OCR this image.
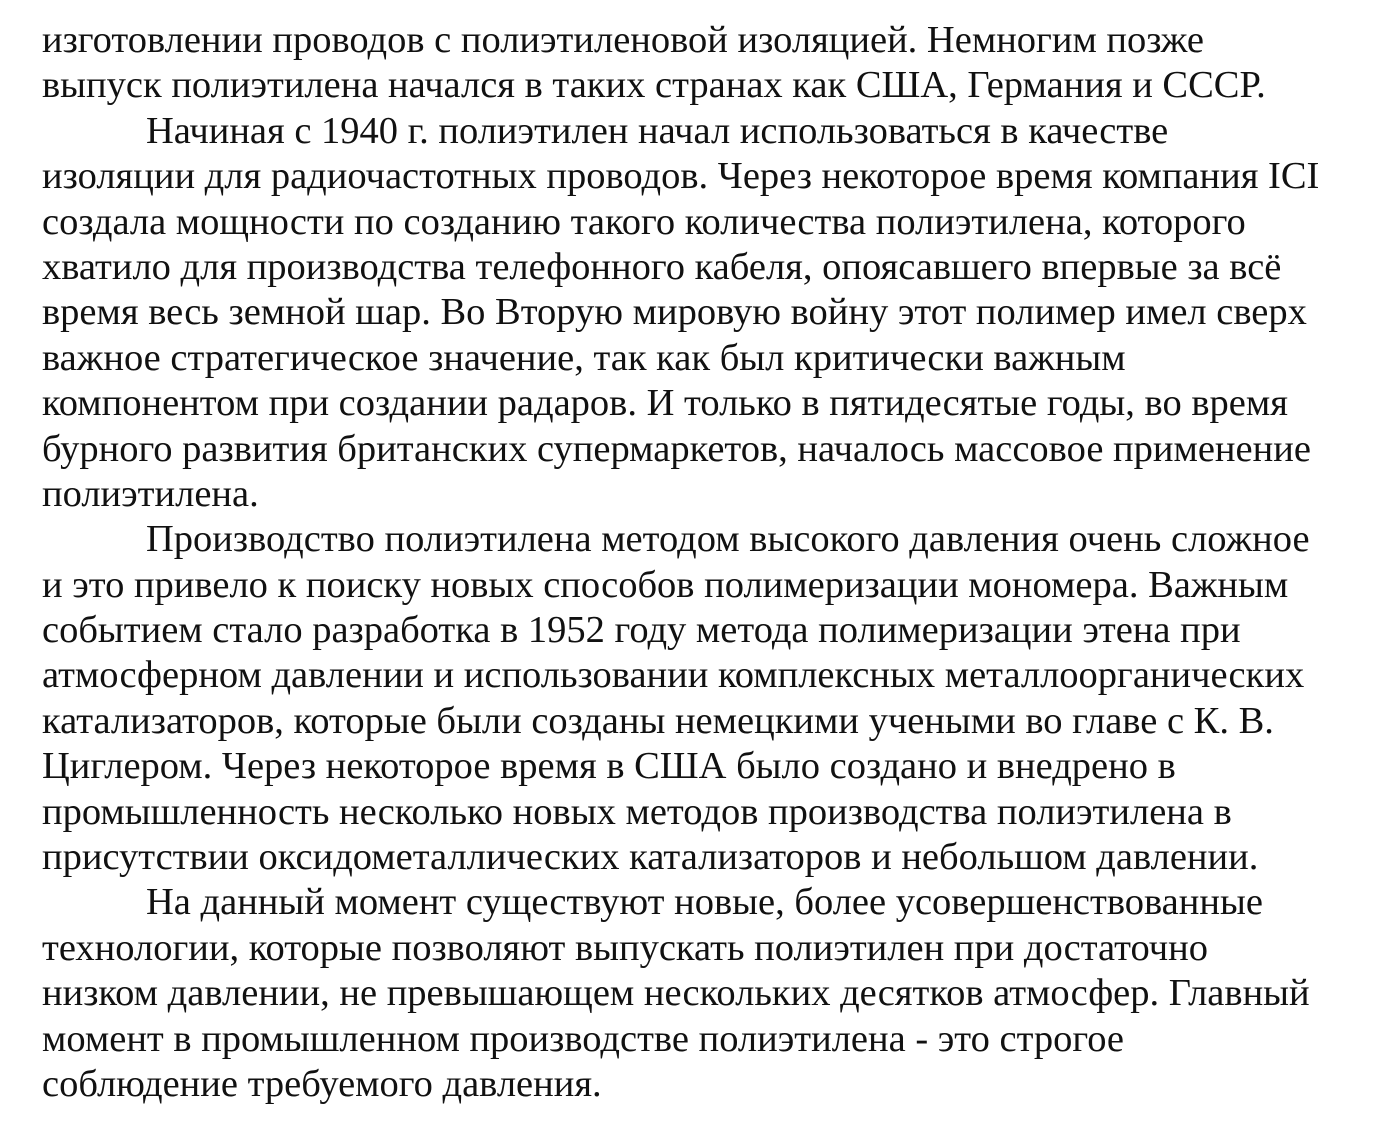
изготовлении проводов с полиэтиленовой изоляцией. Немногим позже
выпуск полиэтилена начался в таких странах как США, Германия и СССР.
Начиная с 1940 г. полиэтилен начал использоваться в качестве
изоляции для радиочастотных проводов. Через некоторое время компания ICI
создала мощности по созданию такого количества полиэтилена, которого
хватило для производства телефонного кабеля, опоясавшего впервые за всё
время весь земной шар. Во Вторую мировую войну этот полимер имел сверх
важное стратегическое значение, так как был критически важным
компонентом при создании радаров. И только в пятидесятые годы, во время
бурного развития британских супермаркетов, началось массовое применение
полиэтилена.
Производство полиэтилена методом высокого давления очень сложное
и это привело к поиску новых способов полимеризации мономера. Важным
событием стало разработка в 1952 году метода полимеризации этена при
атмосферном давлении и использовании комплексных металлоорганических
катализаторов, которые были созданы немецкими учеными во главе с К. В.
Циглером. Через некоторое время в США было создано и внедрено в
промышленность несколько новых методов производства полиэтилена в
присутствии оксидометаллических катализаторов и небольшом давлении.
На данный момент существуют новые, более усовершенствованные
технологии, которые позволяют выпускать полиэтилен при достаточно
низком давлении, не превышающем нескольких десятков атмосфер. Главный
момент в промышленном производстве полиэтилена - это строгое
соблюдение требуемого давления.
